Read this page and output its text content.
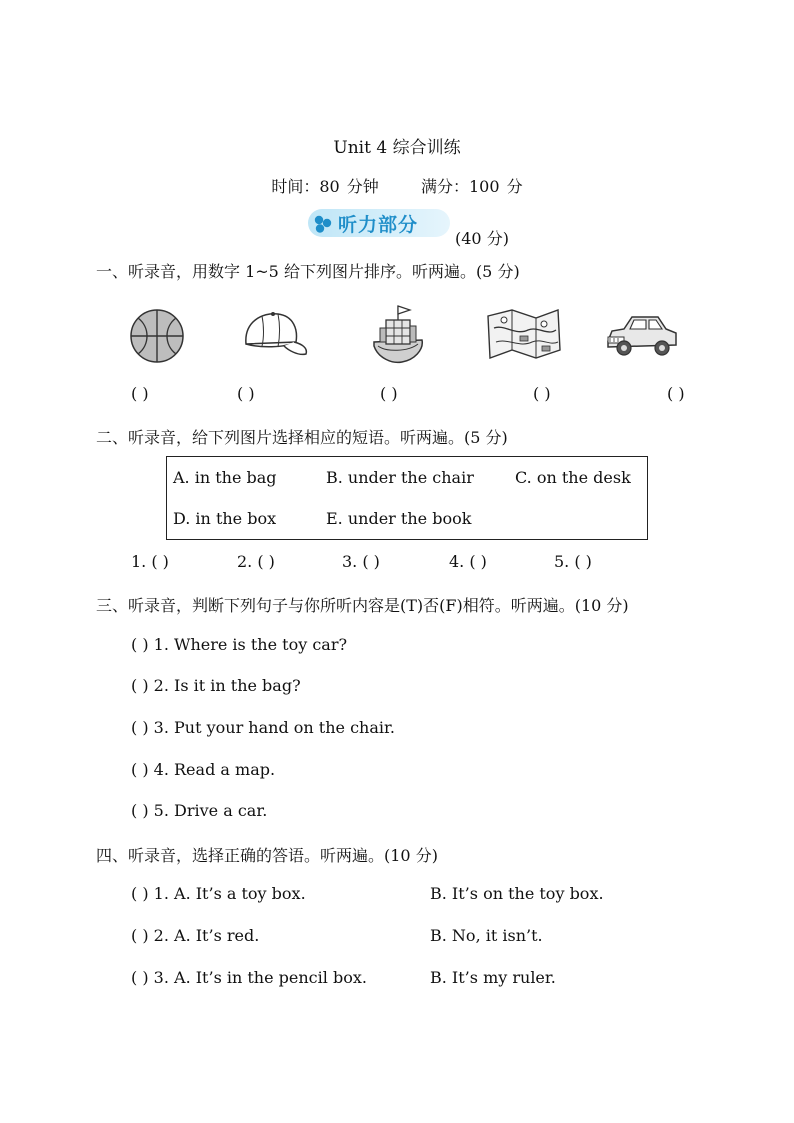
Unit 4 综合训练
时间：80 分钟	满分：100 分
听力部分
(40 分)
一、听录音，用数字 1~5 给下列图片排序。听两遍。(5 分)
( )	( )	( )	( )	( )
二、听录音，给下列图片选择相应的短语。听两遍。(5 分)
A. in the bag	B. under the chair	C. on the desk
D. in the box	E. under the book
1. ( )	2. ( )	3. ( )	4. ( )	5. ( )
三、听录音，判断下列句子与你所听内容是(T)否(F)相符。听两遍。(10 分)
( ) 1. Where is the toy car?
( ) 2. Is it in the bag?
( ) 3. Put your hand on the chair.
( ) 4. Read a map.
( ) 5. Drive a car.
四、听录音，选择正确的答语。听两遍。(10 分)
( ) 1. A. It’s a toy box.	B. It’s on the toy box.
( ) 2. A. It’s red.	B. No, it isn’t.
( ) 3. A. It’s in the pencil box.	B. It’s my ruler.
